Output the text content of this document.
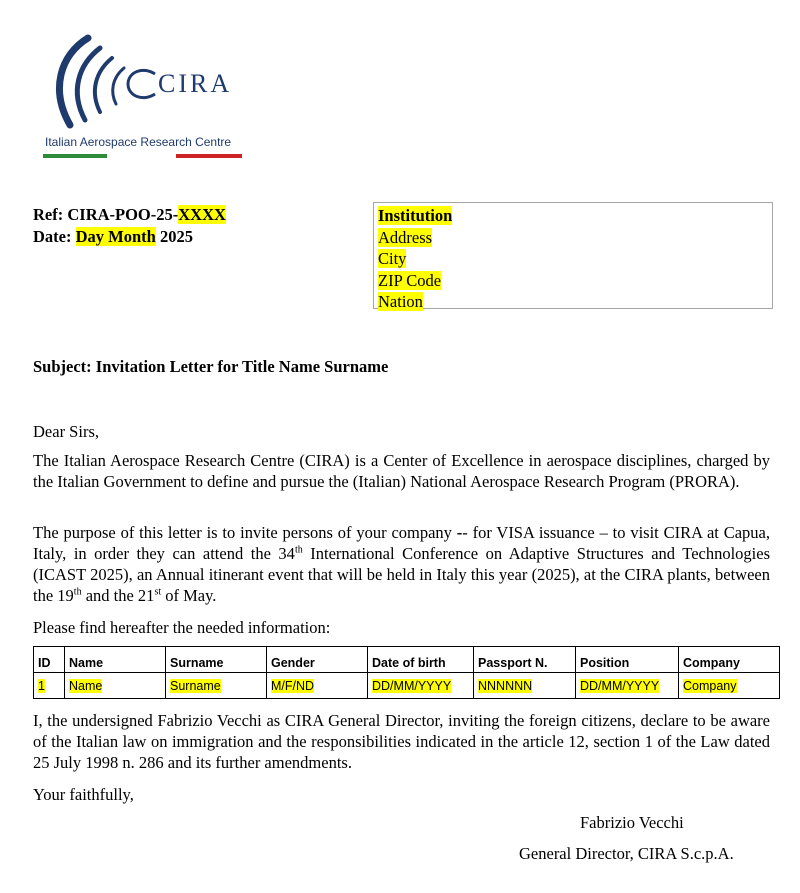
CIRA
Italian Aerospace Research Centre
Ref: CIRA-POO-25-XXXX
Date: Day Month 2025
Institution
Address
City
ZIP Code
Nation
Subject: Invitation Letter for Title Name Surname
Dear Sirs,
The Italian Aerospace Research Centre (CIRA) is a Center of Excellence in aerospace disciplines, charged by the Italian Government to define and pursue the (Italian) National Aerospace Research Program (PRORA).
The purpose of this letter is to invite persons of your company -- for VISA issuance – to visit CIRA at Capua, Italy, in order they can attend the 34th International Conference on Adaptive Structures and Technologies (ICAST 2025), an Annual itinerant event that will be held in Italy this year (2025), at the CIRA plants, between the 19th and the 21st of May.
Please find hereafter the needed information:
ID	Name	Surname	Gender	Date of birth	Passport N.	Position	Company
1	Name	Surname	M/F/ND	DD/MM/YYYY	NNNNNN	DD/MM/YYYY	Company
I, the undersigned Fabrizio Vecchi as CIRA General Director, inviting the foreign citizens, declare to be aware of the Italian law on immigration and the responsibilities indicated in the article 12, section 1 of the Law dated 25 July 1998 n. 286 and its further amendments.
Your faithfully,
Fabrizio Vecchi
General Director, CIRA S.c.p.A.
